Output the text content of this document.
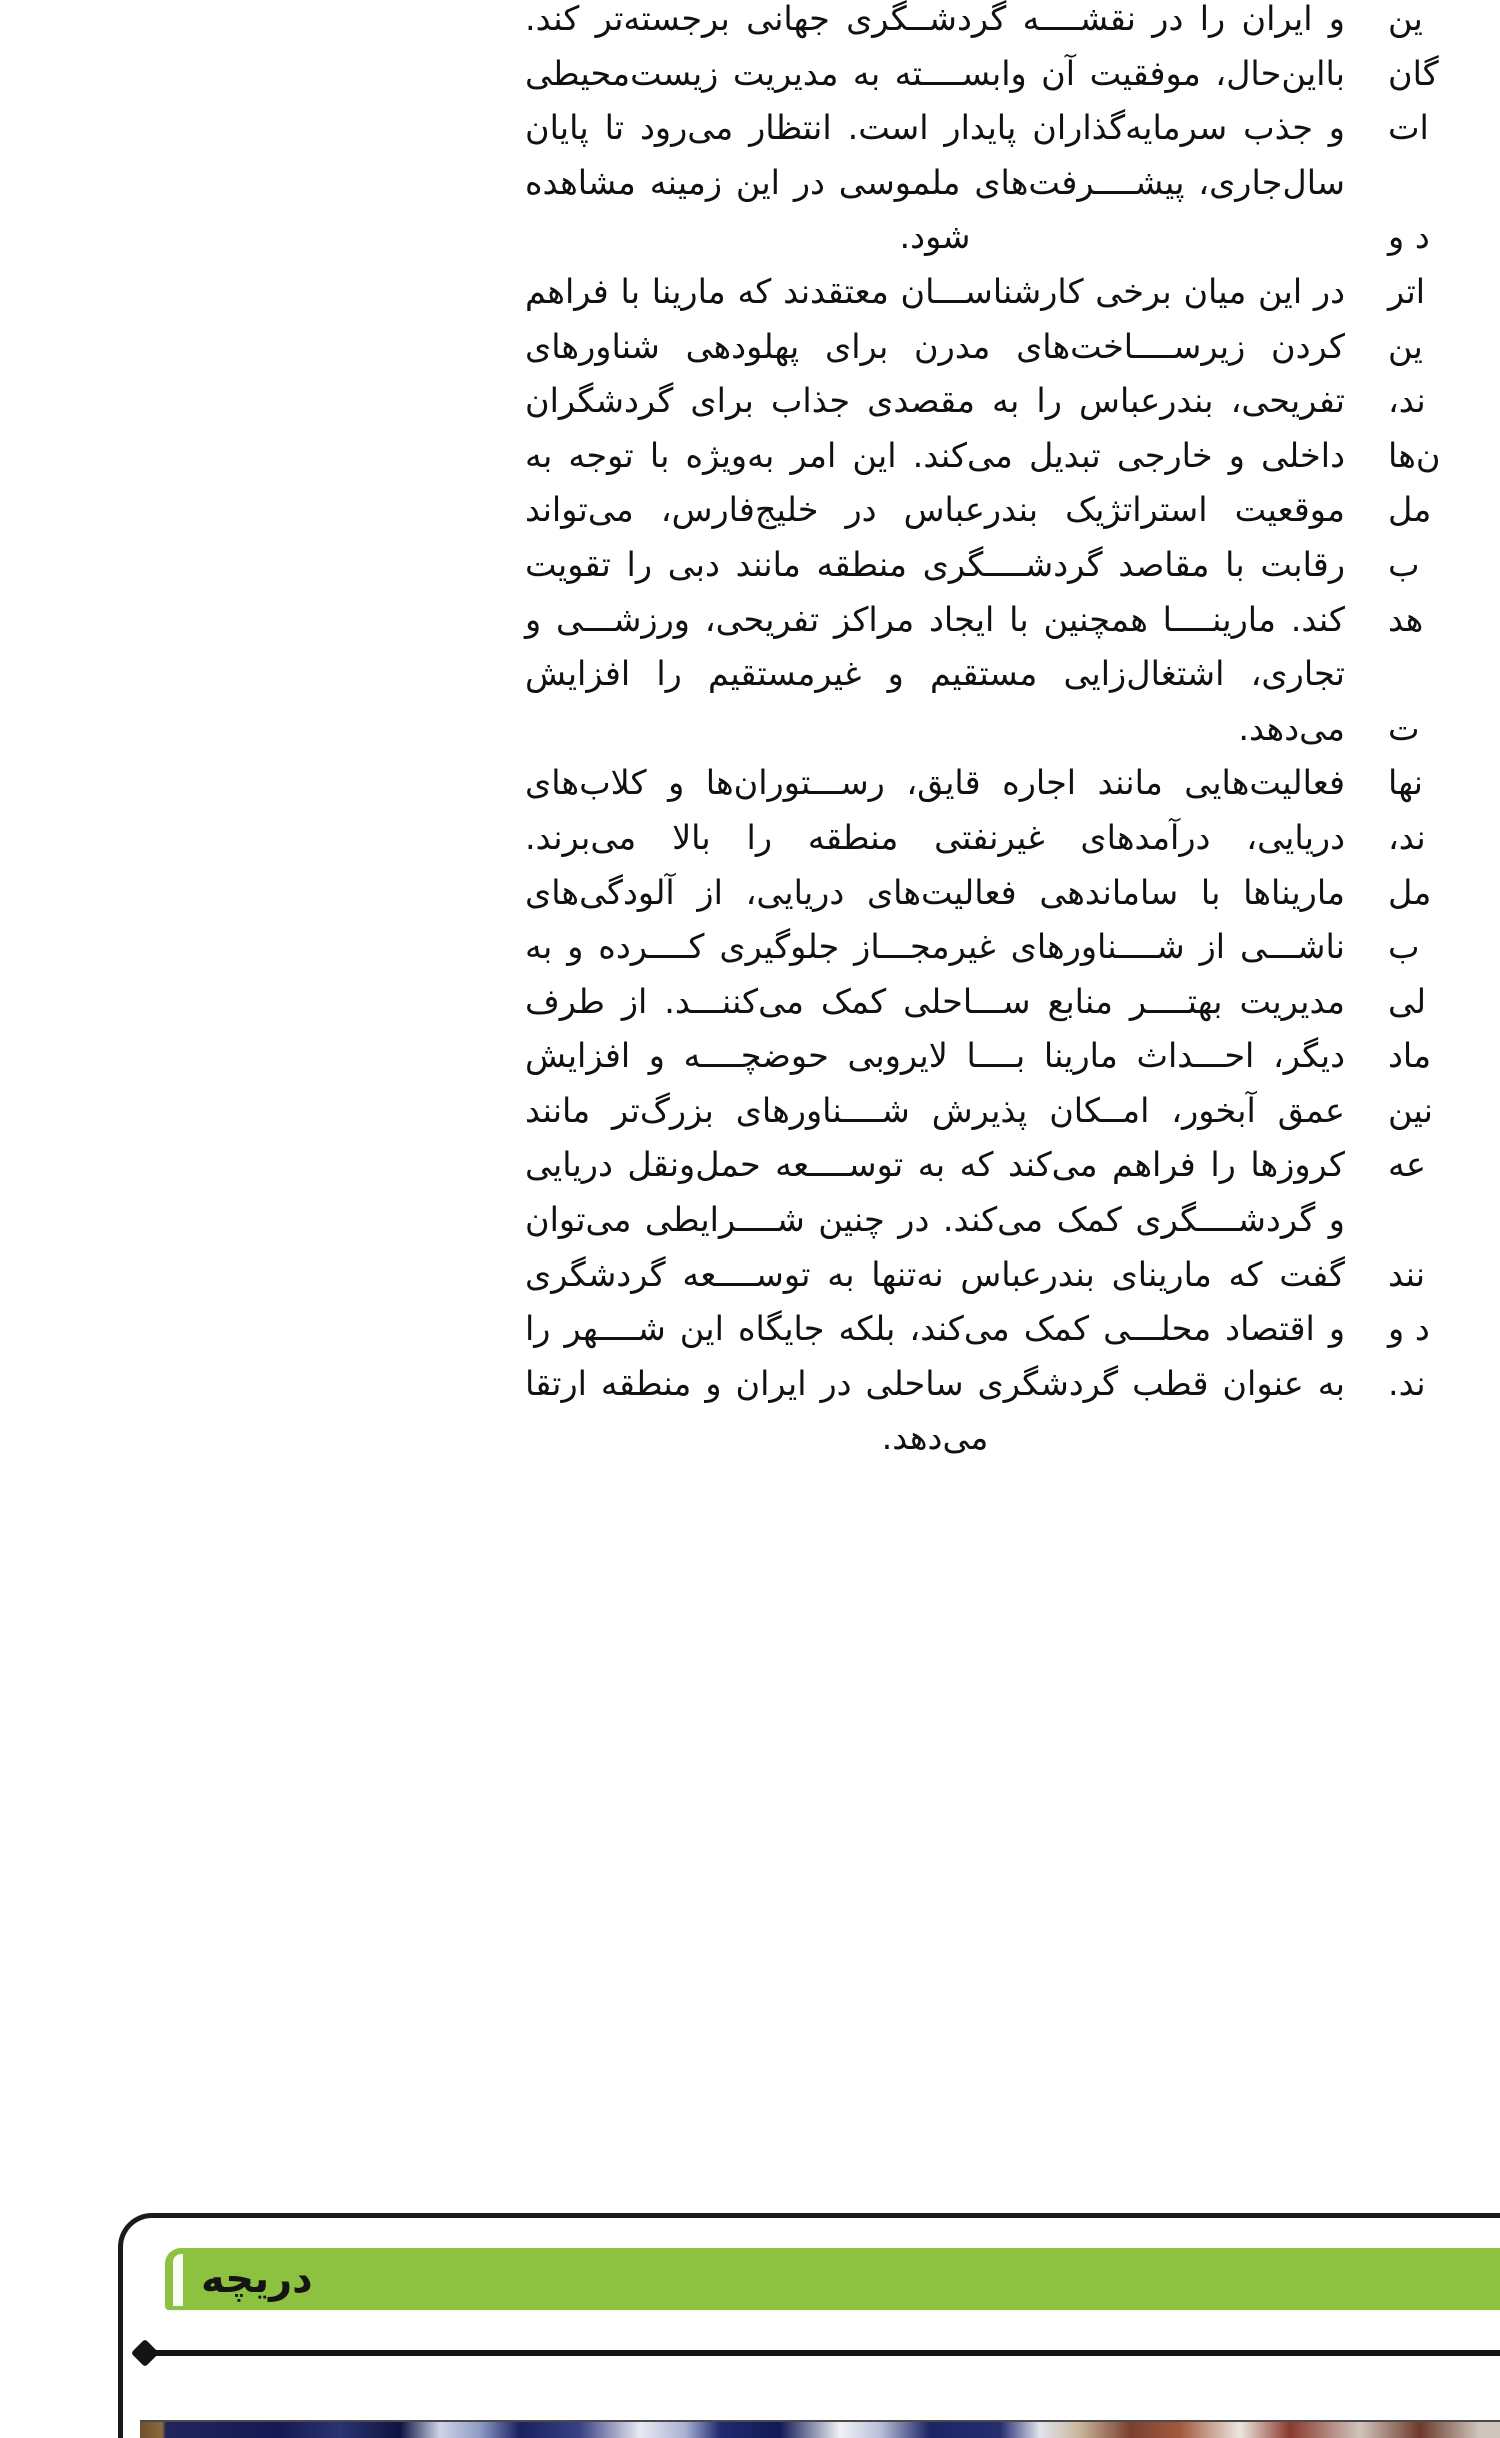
و ایران را در نقشــــه گردشــگری جهانی برجسته‌تر کند.
بااین‌حال، موفقیت آن وابســــته به مدیریت زیست‌محیطی
و جذب سرمایه‌گذاران پایدار است. انتظار می‌رود تا پایان
سال‌جاری، پیشــــرفت‌های ملموسی در این زمینه مشاهده
شود.

در این میان برخی کارشناســـان معتقدند که مارینا با فراهم
کردن زیرســــاخت‌های مدرن برای پهلودهی شناورهای
تفریحی، بندرعباس را به مقصدی جذاب برای گردشگران
داخلی و خارجی تبدیل می‌کند. این امر به‌ویژه با توجه به
موقعیت استراتژیک بندرعباس در خلیج‌فارس، می‌تواند
رقابت با مقاصد گردشــــگری منطقه مانند دبی را تقویت
کند. مارینــــا همچنین با ایجاد مراکز تفریحی، ورزشـــی و
تجاری، اشتغال‌زایی مستقیم و غیرمستقیم را افزایش می‌دهد.
فعالیت‌هایی مانند اجاره قایق، رســـتوران‌ها و کلاب‌های
دریایی، درآمدهای غیرنفتی منطقه را بالا می‌برند.

ماریناها با ساماندهی فعالیت‌های دریایی، از آلودگی‌های
ناشـــی از شــــناورهای غیرمجـــاز جلوگیری کــــرده و به
مدیریت بهتــــر منابع ســـاحلی کمک می‌کننـــد. از طرف
دیگر، احـــداث مارینا بــــا لایروبی حوضچــــه و افزایش
عمق آبخور، امــکان پذیرش شــــناورهای بزرگ‌تر مانند
کروزها را فراهم می‌کند که به توســــعه حمل‌ونقل دریایی
و گردشــــگری کمک می‌کند. در چنین شــــرایطی می‌توان
گفت که مارینای بندرعباس نه‌تنها به توســــعه گردشگری
و اقتصاد محلـــی کمک می‌کند، بلکه جایگاه این شــــهر را
به عنوان قطب گردشگری ساحلی در ایران و منطقه ارتقا
می‌دهد.

ین
گان
ات
د و
اتر
ین
ند،
ن‌ها
مل
ب
هد
ت
نها
ند،
مل
ب
لی
ماد
نین
عه
نند
د و
ند.
دریچه
